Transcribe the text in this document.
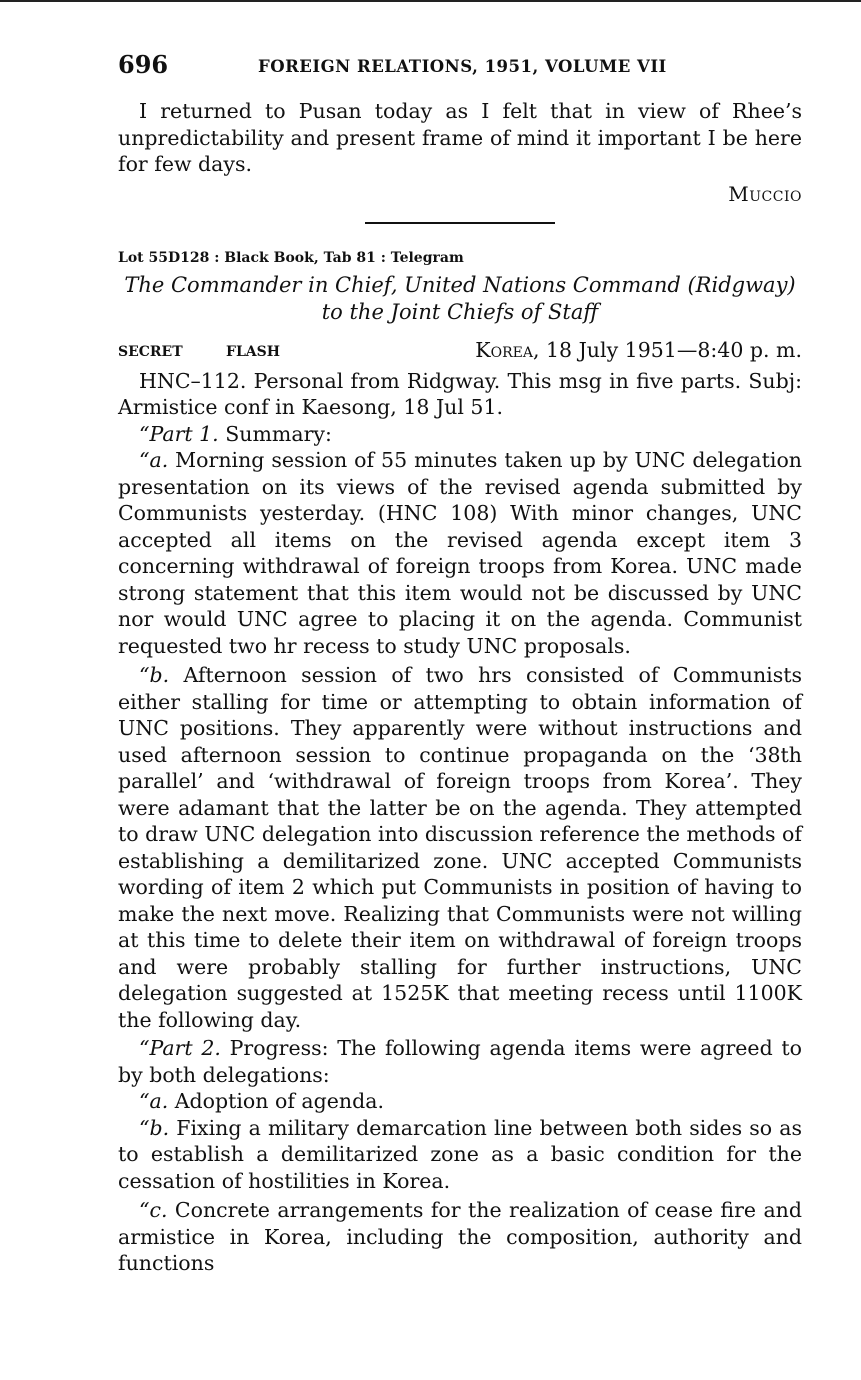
696	FOREIGN RELATIONS, 1951, VOLUME VII

I returned to Pusan today as I felt that in view of Rhee’s unpredictability and present frame of mind it important I be here for few days.

Muccio
Lot 55D128 : Black Book, Tab 81 : Telegram
The Commander in Chief, United Nations Command (Ridgway) to the Joint Chiefs of Staff
SECRET	FLASH	Korea, 18 July 1951—8:40 p. m.

HNC–112. Personal from Ridgway. This msg in five parts. Subj: Armistice conf in Kaesong, 18 Jul 51.

“Part 1. Summary:

“a. Morning session of 55 minutes taken up by UNC delegation presentation on its views of the revised agenda submitted by Communists yesterday. (HNC 108) With minor changes, UNC accepted all items on the revised agenda except item 3 concerning withdrawal of foreign troops from Korea. UNC made strong statement that this item would not be discussed by UNC nor would UNC agree to placing it on the agenda. Communist requested two hr recess to study UNC proposals.

“b. Afternoon session of two hrs consisted of Communists either stalling for time or attempting to obtain information of UNC positions. They apparently were without instructions and used afternoon session to continue propaganda on the ‘38th parallel’ and ‘withdrawal of foreign troops from Korea’. They were adamant that the latter be on the agenda. They attempted to draw UNC delegation into discussion reference the methods of establishing a demilitarized zone. UNC accepted Communists wording of item 2 which put Communists in position of having to make the next move. Realizing that Communists were not willing at this time to delete their item on withdrawal of foreign troops and were probably stalling for further instructions, UNC delegation suggested at 1525K that meeting recess until 1100K the following day.

“Part 2. Progress: The following agenda items were agreed to by both delegations:

“a. Adoption of agenda.

“b. Fixing a military demarcation line between both sides so as to establish a demilitarized zone as a basic condition for the cessation of hostilities in Korea.

“c. Concrete arrangements for the realization of cease fire and armistice in Korea, including the composition, authority and functions
